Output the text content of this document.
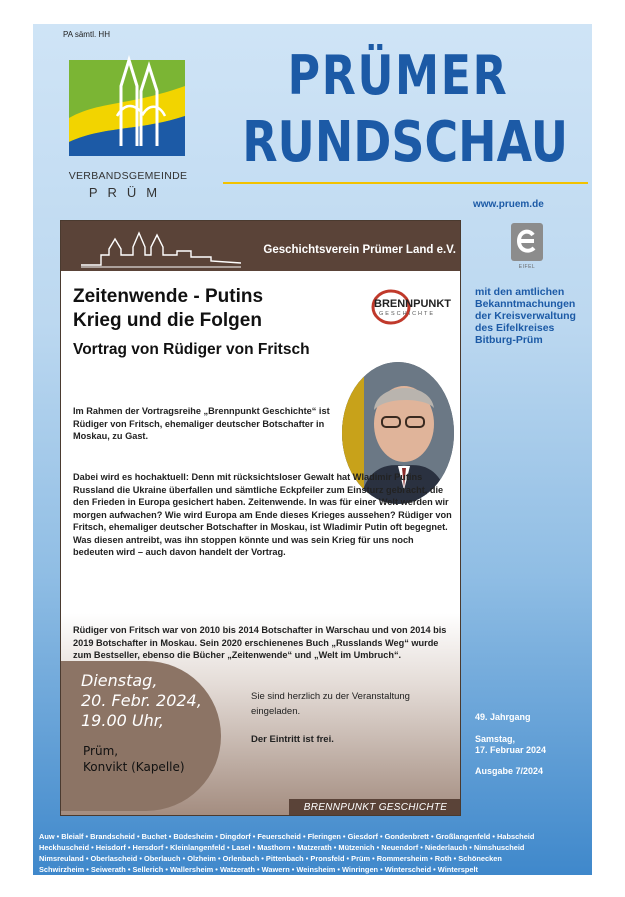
PA sämtl. HH
VERBANDSGEMEINDE
PRÜM
PRÜMER
RUNDSCHAU
www.pruem.de
EIFEL
mit den amtlichen Bekanntmachungen der Kreisverwaltung des Eifelkreises Bitburg-Prüm
49. Jahrgang
Samstag,
17. Februar 2024
Ausgabe 7/2024
Geschichtsverein Prümer Land e.V.
Zeitenwende - Putins
Krieg und die Folgen
Vortrag von Rüdiger von Fritsch
BRENNPUNKT
GESCHICHTE
Im Rahmen der Vortragsreihe „Brennpunkt Geschichte“ ist Rüdiger von Fritsch, ehemaliger deutscher Botschafter in Moskau, zu Gast.
Dabei wird es hochaktuell: Denn mit rücksichtsloser Gewalt hat Wladimir Putins Russland die Ukraine überfallen und sämtliche Eckpfeiler zum Einsturz gebracht, die den Frieden in Europa gesichert haben. Zeitenwende. In was für einer Welt werden wir morgen aufwachen? Wie wird Europa am Ende dieses Krieges aussehen? Rüdiger von Fritsch, ehemaliger deutscher Botschafter in Moskau, ist Wladimir Putin oft begegnet. Was diesen antreibt, was ihn stoppen könnte und was sein Krieg für uns noch bedeuten wird – auch davon handelt der Vortrag.
Rüdiger von Fritsch war von 2010 bis 2014 Botschafter in Warschau und von 2014 bis 2019 Botschafter in Moskau. Sein 2020 erschienenes Buch „Russlands Weg“ wurde zum Bestseller, ebenso die Bücher „Zeitenwende“ und „Welt im Umbruch“.
Dienstag,
20. Febr. 2024,
19.00 Uhr,
Prüm,
Konvikt (Kapelle)
Sie sind herzlich zu der Veranstaltung eingeladen.
Der Eintritt ist frei.
BRENNPUNKT GESCHICHTE
Auw • Bleialf • Brandscheid • Buchet • Büdesheim • Dingdorf • Feuerscheid • Fleringen • Giesdorf • Gondenbrett • Großlangenfeld • Habscheid
Heckhuscheid • Heisdorf • Hersdorf • Kleinlangenfeld • Lasel • Masthorn • Matzerath • Mützenich • Neuendorf • Niederlauch • Nimshuscheid
Nimsreuland • Oberlascheid • Oberlauch • Olzheim • Orlenbach • Pittenbach • Pronsfeld • Prüm • Rommersheim • Roth • Schönecken
Schwirzheim • Seiwerath • Sellerich • Wallersheim • Watzerath • Wawern • Weinsheim • Winringen • Winterscheid • Winterspelt
